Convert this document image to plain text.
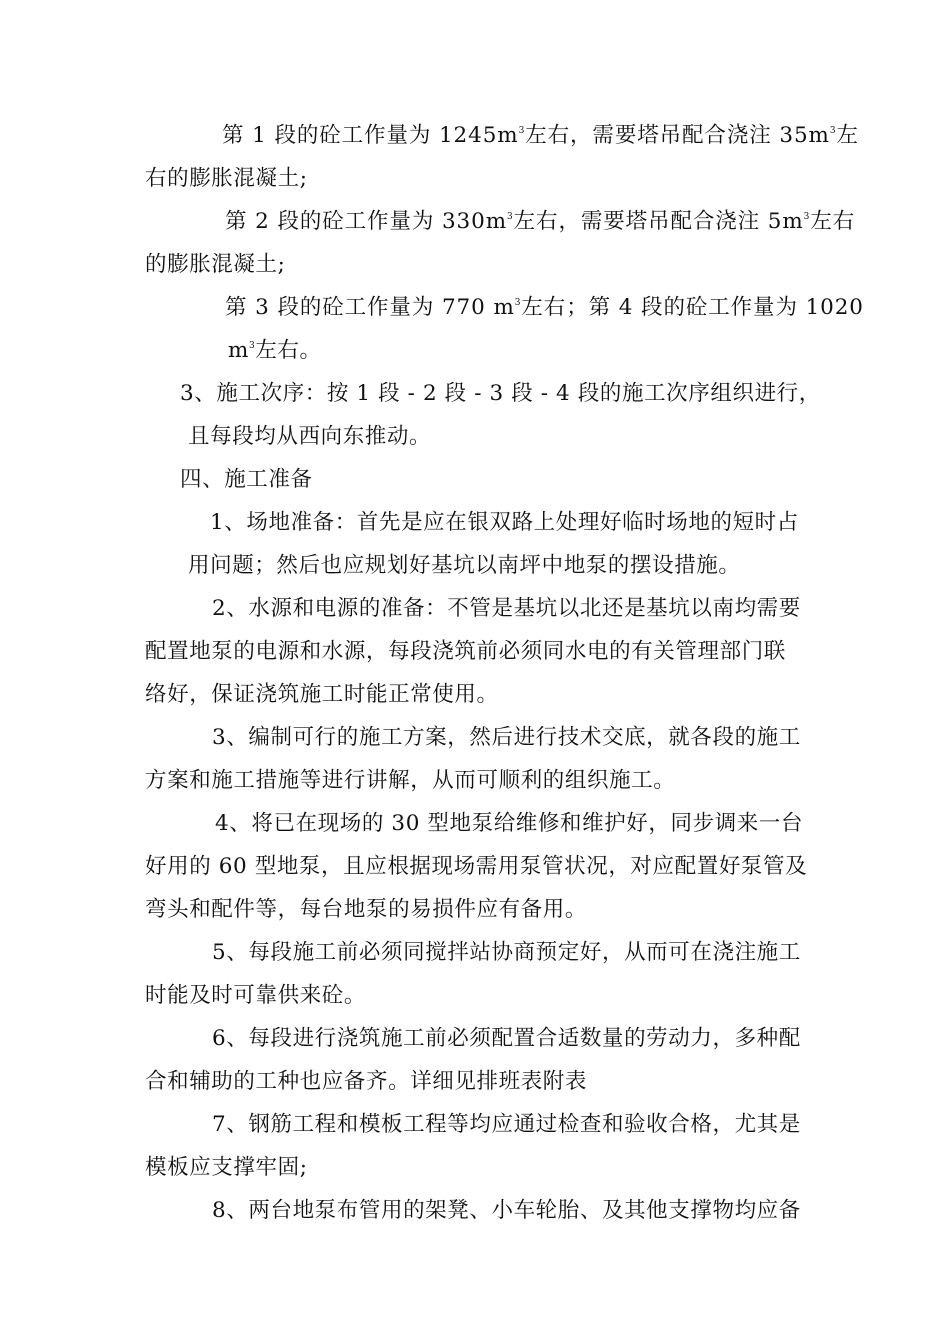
第 1 段的砼工作量为 $1245m^3$左右，需要塔吊配合浇注 $35m^3$左
右的膨胀混凝土;
第 2 段的砼工作量为 $330m^3$左右，需要塔吊配合浇注 $5m^3$左右
的膨胀混凝土;
第 3 段的砼工作量为 770 $m^3$左右；第 4 段的砼工作量为 1020
$m^3$左右。
3、施工次序：按 1 段 - 2 段 - 3 段 - 4 段的施工次序组织进行，
且每段均从西向东推动。
四、施工准备
1、场地准备：首先是应在银双路上处理好临时场地的短时占
用问题；然后也应规划好基坑以南坪中地泵的摆设措施。
2、水源和电源的准备：不管是基坑以北还是基坑以南均需要
配置地泵的电源和水源，每段浇筑前必须同水电的有关管理部门联
络好，保证浇筑施工时能正常使用。
3、编制可行的施工方案，然后进行技术交底，就各段的施工
方案和施工措施等进行讲解，从而可顺利的组织施工。
4、将已在现场的 30 型地泵给维修和维护好，同步调来一台
好用的 60 型地泵，且应根据现场需用泵管状况，对应配置好泵管及
弯头和配件等，每台地泵的易损件应有备用。
5、每段施工前必须同搅拌站协商预定好，从而可在浇注施工
时能及时可靠供来砼。
6、每段进行浇筑施工前必须配置合适数量的劳动力，多种配
合和辅助的工种也应备齐。详细见排班表附表
7、钢筋工程和模板工程等均应通过检查和验收合格，尤其是
模板应支撑牢固;
8、两台地泵布管用的架凳、小车轮胎、及其他支撑物均应备
